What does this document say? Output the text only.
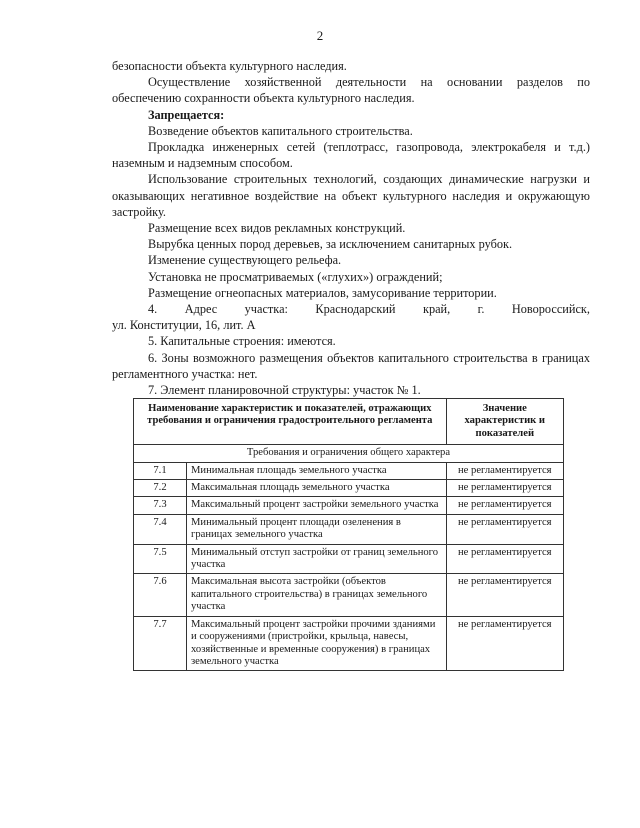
2

безопасности объекта культурного наследия.

Осуществление хозяйственной деятельности на основании разделов по обеспечению сохранности объекта культурного наследия.

Запрещается:

Возведение объектов капитального строительства.

Прокладка инженерных сетей (теплотрасс, газопровода, электрокабеля и т.д.) наземным и надземным способом.

Использование строительных технологий, создающих динамические нагрузки и оказывающих негативное воздействие на объект культурного наследия и окружающую застройку.

Размещение всех видов рекламных конструкций.

Вырубка ценных пород деревьев, за исключением санитарных рубок.

Изменение существующего рельефа.

Установка не просматриваемых («глухих») ограждений;

Размещение огнеопасных материалов, замусоривание территории.

4. Адрес участка: Краснодарский край, г. Новороссийск,

ул. Конституции, 16, лит. А

5. Капитальные строения: имеются.

6. Зоны возможного размещения объектов капитального строительства в границах регламентного участка: нет.

7. Элемент планировочной структуры: участок № 1.

Наименование характеристик и показателей, отражающих требования и ограничения градостроительного регламента		Значение характеристик и показателей
Требования и ограничения общего характера		
7.1	Минимальная площадь земельного участка	не регламентируется
7.2	Максимальная площадь земельного участка	не регламентируется
7.3	Максимальный процент застройки земельного участка	не регламентируется
7.4	Минимальный процент площади озеленения в границах земельного участка	не регламентируется
7.5	Минимальный отступ застройки от границ земельного участка	не регламентируется
7.6	Максимальная высота застройки (объектов капитального строительства) в границах земельного участка	не регламентируется
7.7	Максимальный процент застройки прочими зданиями и сооружениями (пристройки, крыльца, навесы, хозяйственные и временные сооружения) в границах земельного участка	не регламентируется
